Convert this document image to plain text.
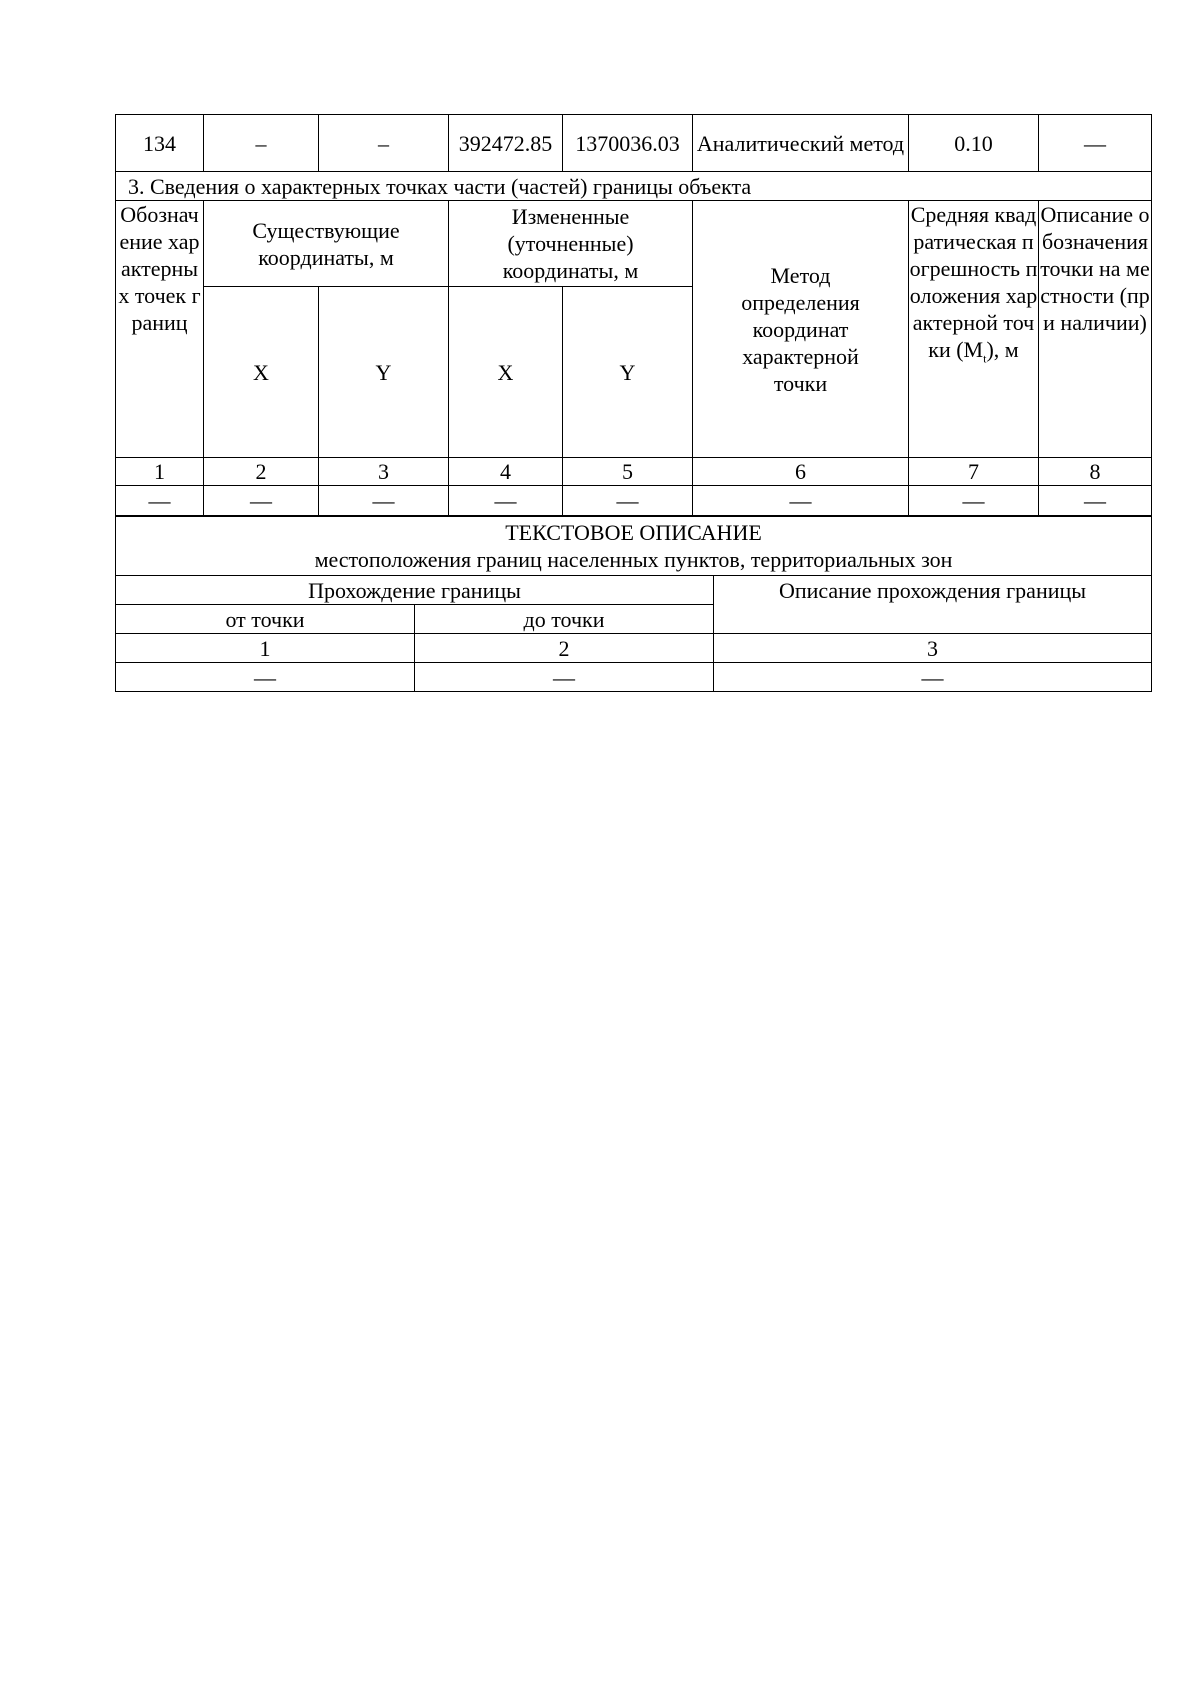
134	–	–	392472.85	1370036.03	Аналитический метод	0.10	—
3. Сведения о характерных точках части (частей) границы объекта							
Обозначение характерных точек границ	Существующие координаты, м		Измененные (уточненные) координаты, м		Метод определения координат характерной точки	Средняя квадратическая погрешность положения характерной точки $(M_t)$, м	Описание обозначения точки на местности (при наличии)
	X	Y	X	Y			
1	2	3	4	5	6	7	8
—	—	—	—	—	—	—	—
ТЕКСТОВОЕ ОПИСАНИЕ
местоположения границ населенных пунктов, территориальных зон		

Прохождение границы		Описание прохождения границы
от точки	до точки	
1	2	3
—	—	—
